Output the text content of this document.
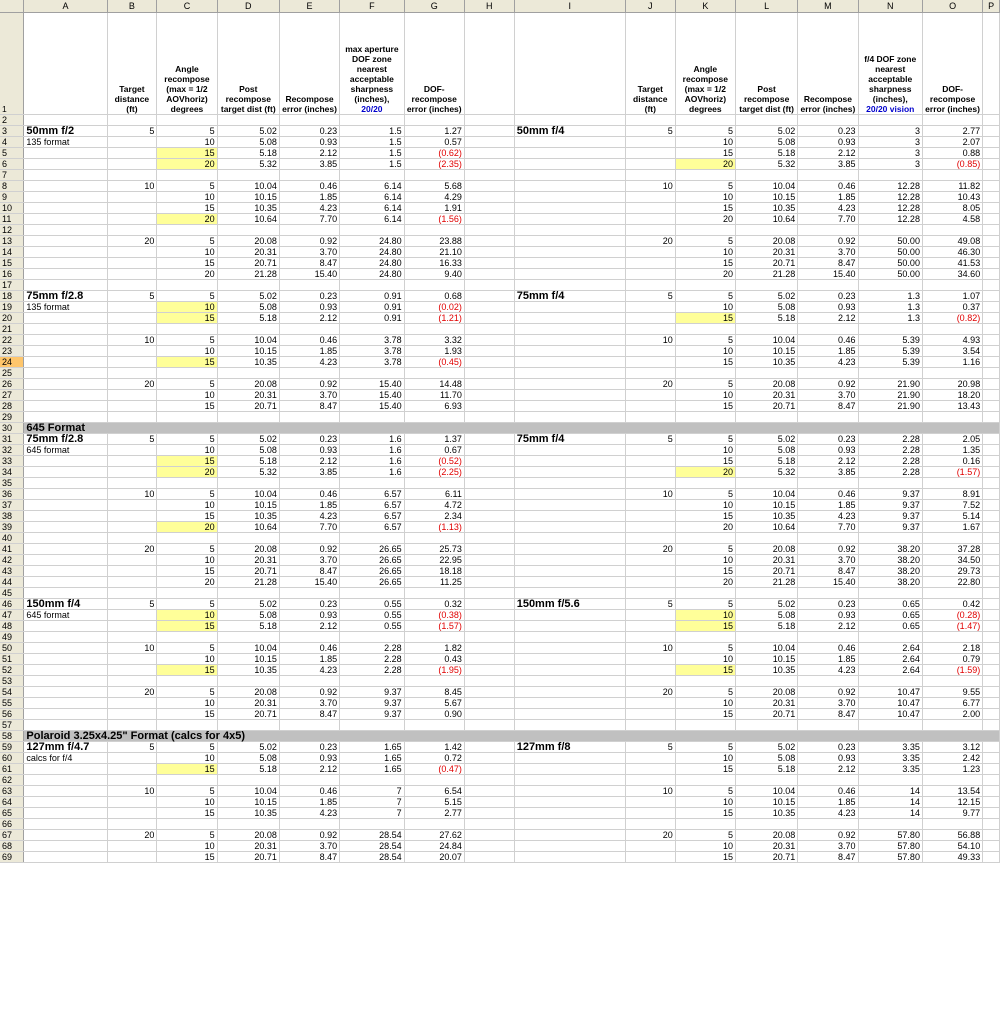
	A	B	C	D	E	F	G	H	I	J	K	L	M	N	O	P
1		Target distance (ft)	Angle recompose (max = 1/2 AOVhoriz) degrees	Post recompose target dist (ft)	Recompose error (inches)	max aperture DOF zone nearest acceptable sharpness (inches),
20/20	DOF-recompose error (inches)			Target distance (ft)	Angle recompose (max = 1/2 AOVhoriz) degrees	Post recompose target dist (ft)	Recompose error (inches)	f/4 DOF zone nearest acceptable sharpness (inches),
20/20 vision	DOF-recompose error (inches)	
2																
3	50mm f/2	5	5	5.02	0.23	1.5	1.27		50mm f/4	5	5	5.02	0.23	3	2.77	
4	135 format		10	5.08	0.93	1.5	0.57				10	5.08	0.93	3	2.07	
5			15	5.18	2.12	1.5	(0.62)				15	5.18	2.12	3	0.88	
6			20	5.32	3.85	1.5	(2.35)				20	5.32	3.85	3	(0.85)	
7																
8		10	5	10.04	0.46	6.14	5.68			10	5	10.04	0.46	12.28	11.82	
9			10	10.15	1.85	6.14	4.29				10	10.15	1.85	12.28	10.43	
10			15	10.35	4.23	6.14	1.91				15	10.35	4.23	12.28	8.05	
11			20	10.64	7.70	6.14	(1.56)				20	10.64	7.70	12.28	4.58	
12																
13		20	5	20.08	0.92	24.80	23.88			20	5	20.08	0.92	50.00	49.08	
14			10	20.31	3.70	24.80	21.10				10	20.31	3.70	50.00	46.30	
15			15	20.71	8.47	24.80	16.33				15	20.71	8.47	50.00	41.53	
16			20	21.28	15.40	24.80	9.40				20	21.28	15.40	50.00	34.60	
17																
18	75mm f/2.8	5	5	5.02	0.23	0.91	0.68		75mm f/4	5	5	5.02	0.23	1.3	1.07	
19	135 format		10	5.08	0.93	0.91	(0.02)				10	5.08	0.93	1.3	0.37	
20			15	5.18	2.12	0.91	(1.21)				15	5.18	2.12	1.3	(0.82)	
21																
22		10	5	10.04	0.46	3.78	3.32			10	5	10.04	0.46	5.39	4.93	
23			10	10.15	1.85	3.78	1.93				10	10.15	1.85	5.39	3.54	
24			15	10.35	4.23	3.78	(0.45)				15	10.35	4.23	5.39	1.16	
25																
26		20	5	20.08	0.92	15.40	14.48			20	5	20.08	0.92	21.90	20.98	
27			10	20.31	3.70	15.40	11.70				10	20.31	3.70	21.90	18.20	
28			15	20.71	8.47	15.40	6.93				15	20.71	8.47	21.90	13.43	
29																
30	645 Format															
31	75mm f/2.8	5	5	5.02	0.23	1.6	1.37		75mm f/4	5	5	5.02	0.23	2.28	2.05	
32	645 format		10	5.08	0.93	1.6	0.67				10	5.08	0.93	2.28	1.35	
33			15	5.18	2.12	1.6	(0.52)				15	5.18	2.12	2.28	0.16	
34			20	5.32	3.85	1.6	(2.25)				20	5.32	3.85	2.28	(1.57)	
35																
36		10	5	10.04	0.46	6.57	6.11			10	5	10.04	0.46	9.37	8.91	
37			10	10.15	1.85	6.57	4.72				10	10.15	1.85	9.37	7.52	
38			15	10.35	4.23	6.57	2.34				15	10.35	4.23	9.37	5.14	
39			20	10.64	7.70	6.57	(1.13)				20	10.64	7.70	9.37	1.67	
40																
41		20	5	20.08	0.92	26.65	25.73			20	5	20.08	0.92	38.20	37.28	
42			10	20.31	3.70	26.65	22.95				10	20.31	3.70	38.20	34.50	
43			15	20.71	8.47	26.65	18.18				15	20.71	8.47	38.20	29.73	
44			20	21.28	15.40	26.65	11.25				20	21.28	15.40	38.20	22.80	
45																
46	150mm f/4	5	5	5.02	0.23	0.55	0.32		150mm f/5.6	5	5	5.02	0.23	0.65	0.42	
47	645 format		10	5.08	0.93	0.55	(0.38)				10	5.08	0.93	0.65	(0.28)	
48			15	5.18	2.12	0.55	(1.57)				15	5.18	2.12	0.65	(1.47)	
49																
50		10	5	10.04	0.46	2.28	1.82			10	5	10.04	0.46	2.64	2.18	
51			10	10.15	1.85	2.28	0.43				10	10.15	1.85	2.64	0.79	
52			15	10.35	4.23	2.28	(1.95)				15	10.35	4.23	2.64	(1.59)	
53																
54		20	5	20.08	0.92	9.37	8.45			20	5	20.08	0.92	10.47	9.55	
55			10	20.31	3.70	9.37	5.67				10	20.31	3.70	10.47	6.77	
56			15	20.71	8.47	9.37	0.90				15	20.71	8.47	10.47	2.00	
57																
58	Polaroid 3.25x4.25" Format (calcs for 4x5)															
59	127mm f/4.7	5	5	5.02	0.23	1.65	1.42		127mm f/8	5	5	5.02	0.23	3.35	3.12	
60	calcs for f/4		10	5.08	0.93	1.65	0.72				10	5.08	0.93	3.35	2.42	
61			15	5.18	2.12	1.65	(0.47)				15	5.18	2.12	3.35	1.23	
62																
63		10	5	10.04	0.46	7	6.54			10	5	10.04	0.46	14	13.54	
64			10	10.15	1.85	7	5.15				10	10.15	1.85	14	12.15	
65			15	10.35	4.23	7	2.77				15	10.35	4.23	14	9.77	
66																
67		20	5	20.08	0.92	28.54	27.62			20	5	20.08	0.92	57.80	56.88	
68			10	20.31	3.70	28.54	24.84				10	20.31	3.70	57.80	54.10	
69			15	20.71	8.47	28.54	20.07				15	20.71	8.47	57.80	49.33	
